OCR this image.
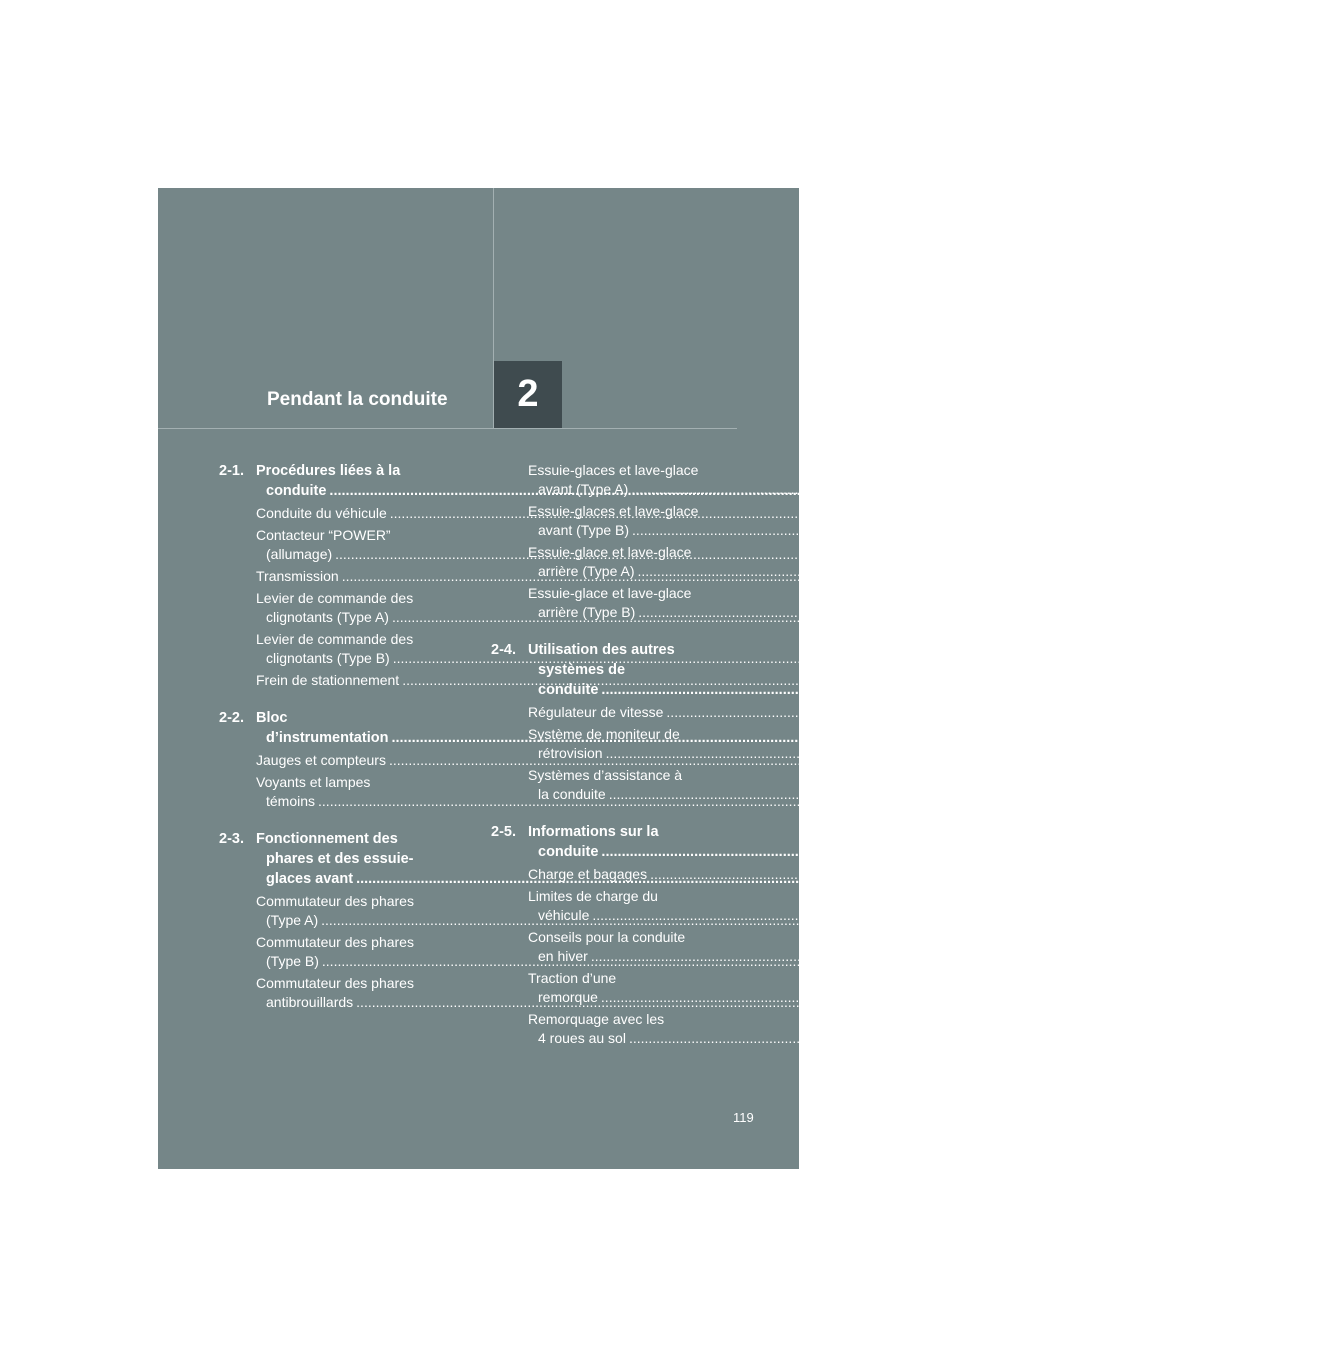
2
Pendant la conduite
2-1. Procédures liées à la
conduite .....	120
Conduite du véhicule .....	120
Contacteur “POWER”
(allumage) .....	130
Transmission .....	136
Levier de commande des
clignotants (Type A) .....	140
Levier de commande des
clignotants (Type B) .....	141
Frein de stationnement .....	142
2-2. Bloc
d’instrumentation .....	143
Jauges et compteurs .....	143
Voyants et lampes
témoins .....	146
2-3. Fonctionnement des
phares et des essuie-
glaces avant .....	150
Commutateur des phares
(Type A) .....	150
Commutateur des phares
(Type B) .....	153
Commutateur des phares
antibrouillards .....	156
Essuie-glaces et lave-glace
avant (Type A) .....	158
Essuie-glaces et lave-glace
avant (Type B) .....	160
Essuie-glace et lave-glace
arrière (Type A) .....	162
Essuie-glace et lave-glace
arrière (Type B) .....	163
2-4. Utilisation des autres
systèmes de
conduite .....	164
Régulateur de vitesse .....	164
Système de moniteur de
rétrovision .....	167
Systèmes d’assistance à
la conduite .....	170
2-5. Informations sur la
conduite .....	173
Charge et bagages .....	173
Limites de charge du
véhicule .....	176
Conseils pour la conduite
en hiver .....	177
Traction d’une
remorque .....	181
Remorquage avec les
4 roues au sol .....	182
119
